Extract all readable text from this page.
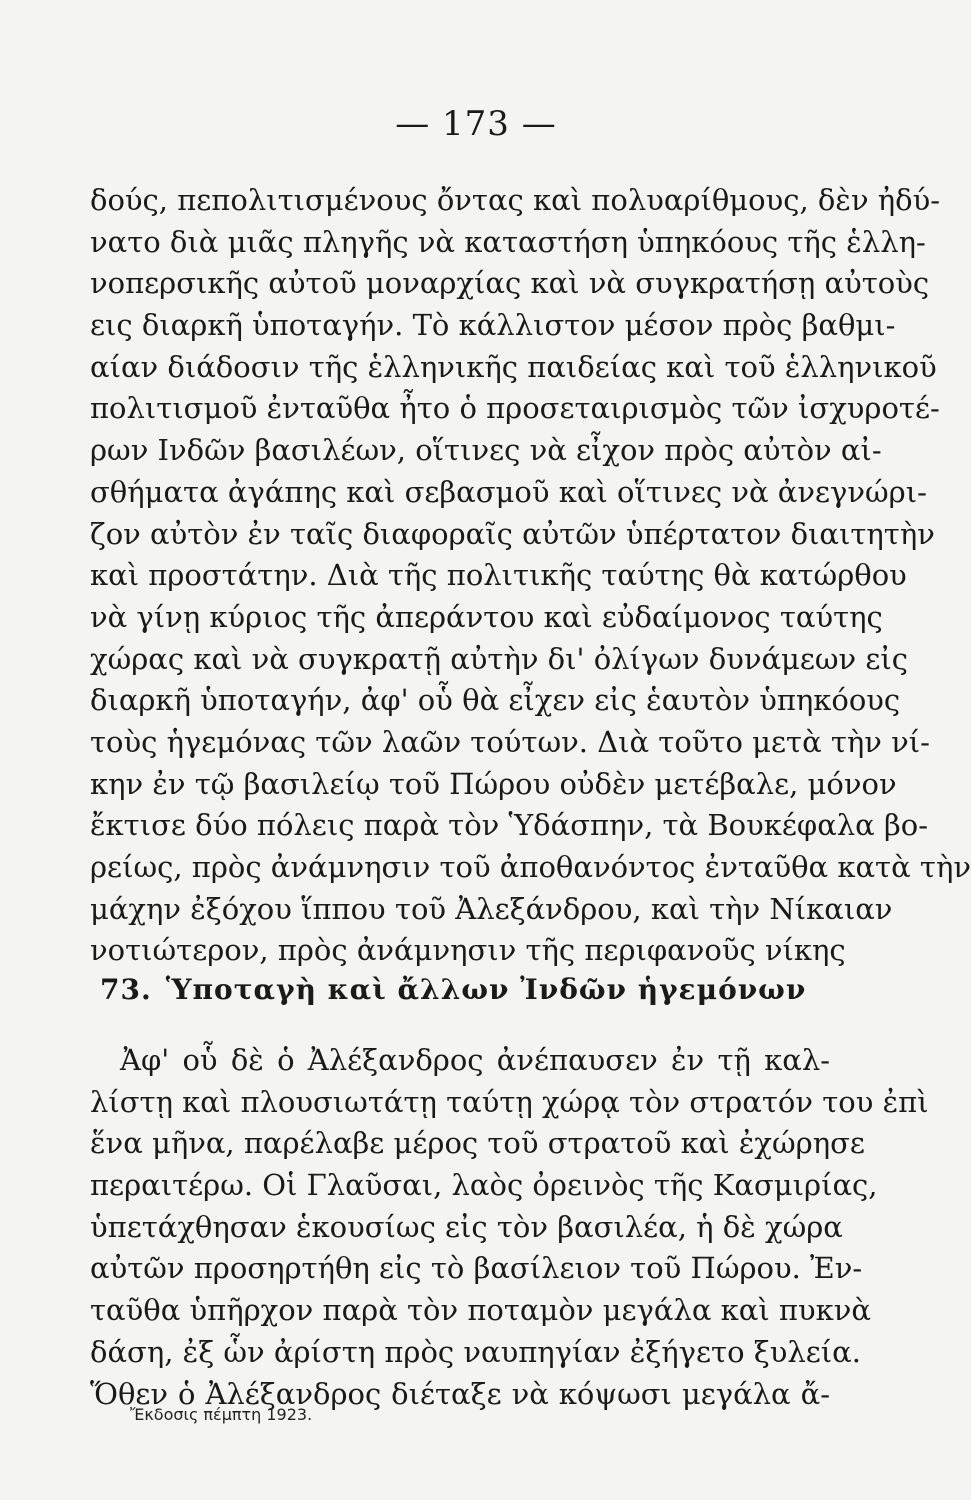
— 173 —
δούς, πεπολιτισμένους ὄντας καὶ πολυαρίθμους, δὲν ἠδύ-
νατο διὰ μιᾶς πληγῆς νὰ καταστήση ὑπηκόους τῆς ἑλλη-
νοπερσικῆς αὐτοῦ μοναρχίας καὶ νὰ συγκρατήσῃ αὐτοὺς
εις διαρκῆ ὑποταγήν. Τὸ κάλλιστον μέσον πρὸς βαθμι-
αίαν διάδοσιν τῆς ἑλληνικῆς παιδείας καὶ τοῦ ἑλληνικοῦ
πολιτισμοῦ ἐνταῦθα ἦτο ὁ προσεταιρισμὸς τῶν ἰσχυροτέ-
ρων Ινδῶν βασιλέων, οἵτινες νὰ εἶχον πρὸς αὐτὸν αἰ-
σθήματα ἀγάπης καὶ σεβασμοῦ καὶ οἵτινες νὰ ἀνεγνώρι-
ζον αὐτὸν ἐν ταῖς διαφοραῖς αὐτῶν ὑπέρτατον διαιτητὴν
καὶ προστάτην. Διὰ τῆς πολιτικῆς ταύτης θὰ κατώρθου
νὰ γίνῃ κύριος τῆς ἀπεράντου καὶ εὐδαίμονος ταύτης
χώρας καὶ νὰ συγκρατῇ αὐτὴν δι' ὀλίγων δυνάμεων εἰς
διαρκῆ ὑποταγήν, ἀφ' οὗ θὰ εἶχεν εἰς ἑαυτὸν ὑπηκόους
τοὺς ἡγεμόνας τῶν λαῶν τούτων. Διὰ τοῦτο μετὰ τὴν νί-
κην ἐν τῷ βασιλείῳ τοῦ Πώρου οὐδὲν μετέβαλε, μόνον
ἔκτισε δύο πόλεις παρὰ τὸν Ὑδάσπην, τὰ Βουκέφαλα βο-
ρείως, πρὸς ἀνάμνησιν τοῦ ἀποθανόντος ἐνταῦθα κατὰ τὴν
μάχην ἐξόχου ἵππου τοῦ Ἀλεξάνδρου, καὶ τὴν Νίκαιαν
νοτιώτερον, πρὸς ἀνάμνησιν τῆς περιφανοῦς νίκης
73. Ὑποταγὴ καὶ ἄλλων Ἰνδῶν ἡγεμόνων
Ἀφ' οὗ δὲ ὁ Ἀλέξανδρος ἀνέπαυσεν ἐν τῇ καλ-
λίστῃ καὶ πλουσιωτάτῃ ταύτῃ χώρᾳ τὸν στρατόν του ἐπὶ
ἕνα μῆνα, παρέλαβε μέρος τοῦ στρατοῦ καὶ ἐχώρησε
περαιτέρω. Οἱ Γλαῦσαι, λαὸς ὀρεινὸς τῆς Κασμιρίας,
ὑπετάχθησαν ἑκουσίως εἰς τὸν βασιλέα, ἡ δὲ χώρα
αὐτῶν προσηρτήθη εἰς τὸ βασίλειον τοῦ Πώρου. Ἐν-
ταῦθα ὑπῆρχον παρὰ τὸν ποταμὸν μεγάλα καὶ πυκνὰ
δάση, ἐξ ὧν ἀρίστη πρὸς ναυπηγίαν ἐξήγετο ξυλεία.
Ὅθεν ὁ Ἀλέξανδρος διέταξε νὰ κόψωσι μεγάλα ἄ-
Ἔκδοσις πέμπτη 1923.
